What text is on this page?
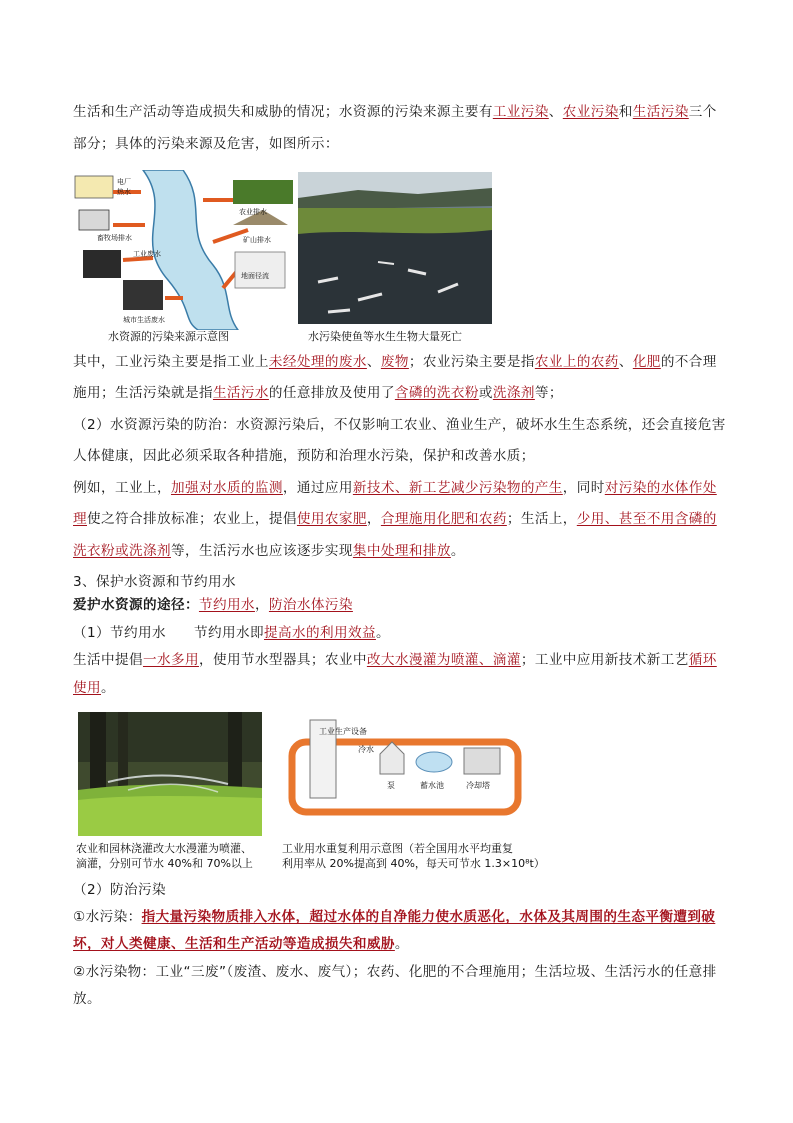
生活和生产活动等造成损失和威胁的情况；水资源的污染来源主要有工业污染、农业污染和生活污染三个
部分；具体的污染来源及危害，如图所示：
电厂
热水
畜牧场排水
工业废水
城市生活废水
农业排水
矿山排水
地面径流
水资源的污染来源示意图	水污染使鱼等水生生物大量死亡
其中，工业污染主要是指工业上未经处理的废水、废物；农业污染主要是指农业上的农药、化肥的不合理
施用；生活污染就是指生活污水的任意排放及使用了含磷的洗衣粉或洗涤剂等；
（2）水资源污染的防治：水资源污染后，不仅影响工农业、渔业生产，破坏水生生态系统，还会直接危害
人体健康，因此必须采取各种措施，预防和治理水污染，保护和改善水质；
例如，工业上，加强对水质的监测，通过应用新技术、新工艺减少污染物的产生，同时对污染的水体作处
理使之符合排放标准；农业上，提倡使用农家肥，合理施用化肥和农药；生活上，少用、甚至不用含磷的
洗衣粉或洗涤剂等，生活污水也应该逐步实现集中处理和排放。
3、保护水资源和节约用水
爱护水资源的途径：节约用水，防治水体污染
（1）节约用水 节约用水即提高水的利用效益。
生活中提倡一水多用，使用节水型器具；农业中改大水漫灌为喷灌、滴灌；工业中应用新技术新工艺循环
使用。
农业和园林浇灌改大水漫灌为喷灌、
滴灌，分别可节水 40%和 70%以上
工业生产设备
冷水
泵	蓄水池	冷却塔
工业用水重复利用示意图（若全国用水平均重复
利用率从 20%提高到 40%，每天可节水 1.3×10⁸t）
（2）防治污染
①水污染：指大量污染物质排入水体，超过水体的自净能力使水质恶化，水体及其周围的生态平衡遭到破
坏，对人类健康、生活和生产活动等造成损失和威胁。
②水污染物：工业“三废”（废渣、废水、废气）；农药、化肥的不合理施用；生活垃圾、生活污水的任意排
放。
